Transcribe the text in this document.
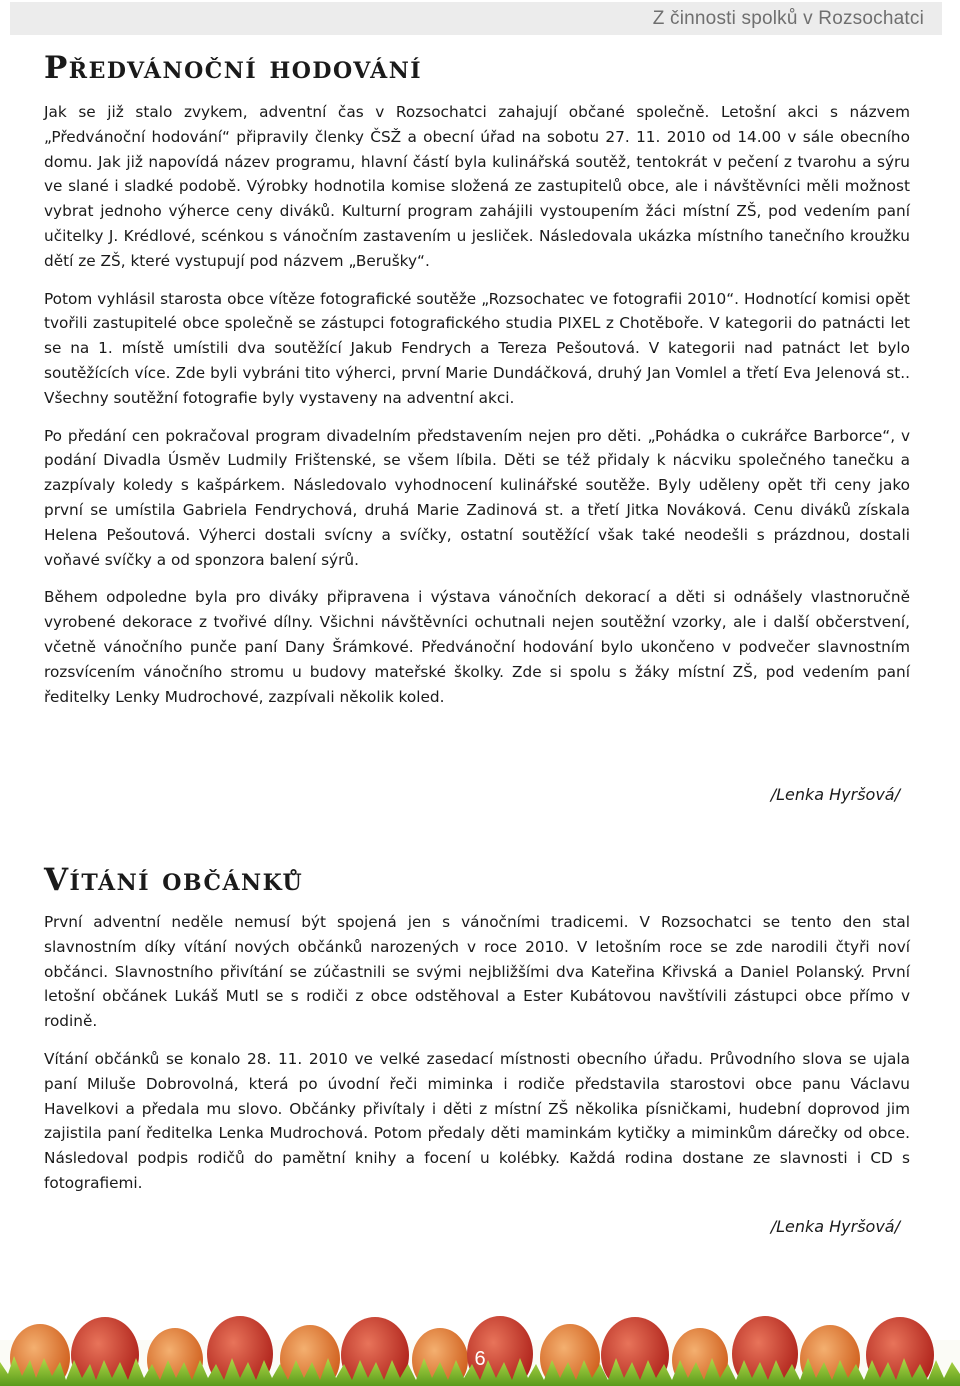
Z činnosti spolků v Rozsochatci
Předvánoční hodování

Jak se již stalo zvykem, adventní čas v Rozsochatci zahajují občané společně. Letošní akci s názvem „Předvánoční hodování“ připravily členky ČSŽ a obecní úřad na sobotu 27. 11. 2010 od 14.00 v sále obecního domu. Jak již napovídá název programu, hlavní částí byla kulinářská soutěž, tentokrát v pečení z tvarohu a sýru ve slané i sladké podobě. Výrobky hodnotila komise složená ze zastupitelů obce, ale i návštěvníci měli možnost vybrat jednoho výherce ceny diváků. Kulturní program zahájili vystoupením žáci místní ZŠ, pod vedením paní učitelky J. Krédlové, scénkou s vánočním zastavením u jesliček. Následovala ukázka místního tanečního kroužku dětí ze ZŠ, které vystupují pod názvem „Berušky“.

Potom vyhlásil starosta obce vítěze fotografické soutěže „Rozsochatec ve fotografii 2010“. Hodnotící komisi opět tvořili zastupitelé obce společně se zástupci fotografického studia PIXEL z Chotěboře. V kategorii do patnácti let se na 1. místě umístili dva soutěžící Jakub Fendrych a Tereza Pešoutová. V kategorii nad patnáct let bylo soutěžících více. Zde byli vybráni tito výherci, první Marie Dundáčková, druhý Jan Vomlel a třetí Eva Jelenová st.. Všechny soutěžní fotografie byly vystaveny na adventní akci.

Po předání cen pokračoval program divadelním představením nejen pro děti. „Pohádka o cukrářce Barborce“, v podání Divadla Úsměv Ludmily Frištenské, se všem líbila. Děti se též přidaly k nácviku společného tanečku a zazpívaly koledy s kašpárkem. Následovalo vyhodnocení kulinářské soutěže. Byly uděleny opět tři ceny jako první se umístila Gabriela Fendrychová, druhá Marie Zadinová st. a třetí Jitka Nováková. Cenu diváků získala Helena Pešoutová. Výherci dostali svícny a svíčky, ostatní soutěžící však také neodešli s prázdnou, dostali voňavé svíčky a od sponzora balení sýrů.

Během odpoledne byla pro diváky připravena i výstava vánočních dekorací a děti si odnášely vlastnoručně vyrobené dekorace z tvořivé dílny. Všichni návštěvníci ochutnali nejen soutěžní vzorky, ale i další občerstvení, včetně vánočního punče paní Dany Šrámkové. Předvánoční hodování bylo ukončeno v podvečer slavnostním rozsvícením vánočního stromu u budovy mateřské školky. Zde si spolu s žáky místní ZŠ, pod vedením paní ředitelky Lenky Mudrochové, zazpívali několik koled.

/Lenka Hyršová/

Vítání občánků

První adventní neděle nemusí být spojená jen s vánočními tradicemi. V Rozsochatci se tento den stal slavnostním díky vítání nových občánků narozených v roce 2010. V letošním roce se zde narodili čtyři noví občánci. Slavnostního přivítání se zúčastnili se svými nejbližšími dva Kateřina Křivská a Daniel Polanský. První letošní občánek Lukáš Mutl se s rodiči z obce odstěhoval a Ester Kubátovou navštívili zástupci obce přímo v rodině.

Vítání občánků se konalo 28. 11. 2010 ve velké zasedací místnosti obecního úřadu. Průvodního slova se ujala paní Miluše Dobrovolná, která po úvodní řeči miminka i rodiče představila starostovi obce panu Václavu Havelkovi a předala mu slovo. Občánky přivítaly i děti z místní ZŠ několika písničkami, hudební doprovod jim zajistila paní ředitelka Lenka Mudrochová. Potom předaly děti maminkám kytičky a miminkům dárečky od obce. Následoval podpis rodičů do pamětní knihy a focení u kolébky. Každá rodina dostane ze slavnosti i CD s fotografiemi.

/Lenka Hyršová/

6
